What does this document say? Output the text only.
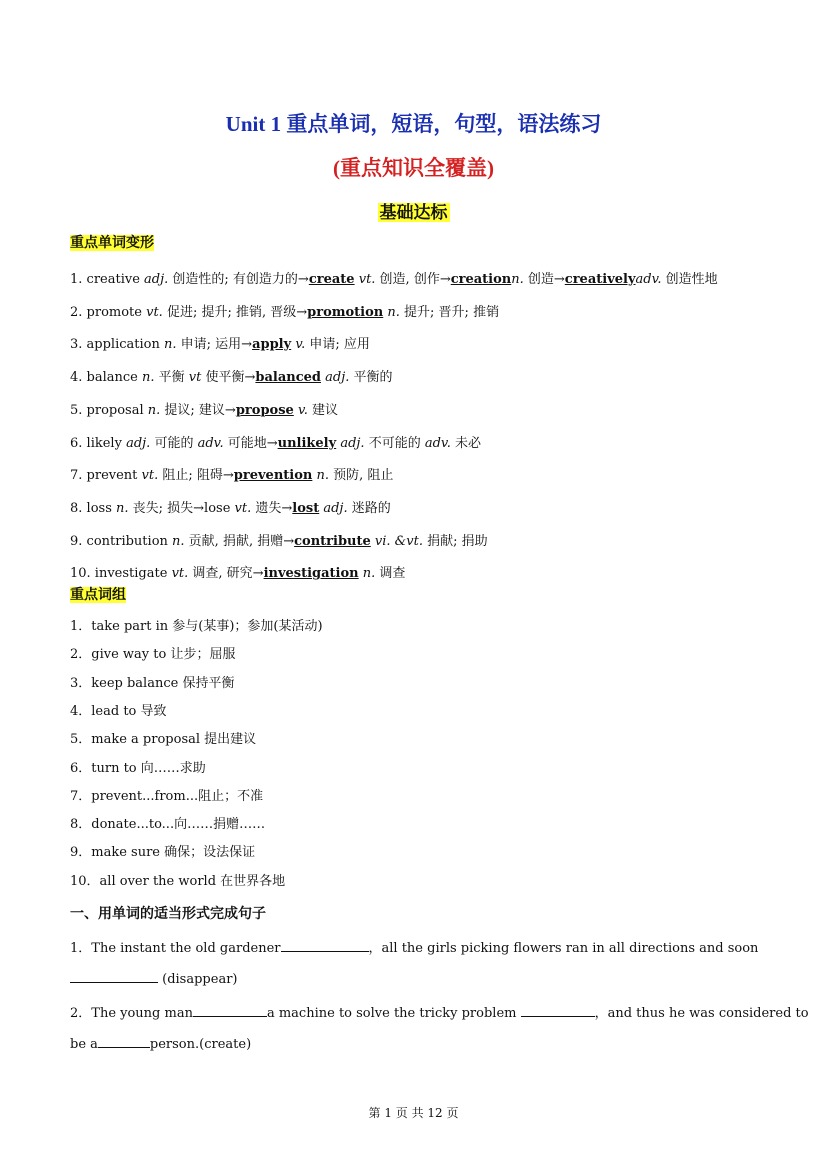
Unit 1 重点单词，短语，句型，语法练习
(重点知识全覆盖)
基础达标
重点单词变形
1. creative adj. 创造性的; 有创造力的→create vt. 创造, 创作→creationn. 创造→creativelyadv. 创造性地
2. promote vt. 促进; 提升; 推销, 晋级→promotion n. 提升; 晋升; 推销
3. application n. 申请; 运用→apply v. 申请; 应用
4. balance n. 平衡 vt 使平衡→balanced adj. 平衡的
5. proposal n. 提议; 建议→propose v. 建议
6. likely adj. 可能的 adv. 可能地→unlikely adj. 不可能的 adv. 未必
7. prevent vt. 阻止; 阻碍→prevention n. 预防, 阻止
8. loss n. 丧失; 损失→lose vt. 遗失→lost adj. 迷路的
9. contribution n. 贡献, 捐献, 捐赠→contribute vi. &vt. 捐献; 捐助
10. investigate vt. 调查, 研究→investigation n. 调查
重点词组
1．take part in 参与(某事)；参加(某活动)
2．give way to 让步；屈服
3．keep balance 保持平衡
4．lead to 导致
5．make a proposal 提出建议
6．turn to 向……求助
7．prevent...from...阻止；不准
8．donate...to...向……捐赠……
9．make sure 确保；设法保证
10．all over the world 在世界各地
一、用单词的适当形式完成句子
1．The instant the old gardener	，all the girls picking flowers ran in all directions and soon
(disappear)
2．The young man	a machine to solve the tricky problem	，and thus he was considered to
be a	person.(create)
第 1 页 共 12 页
